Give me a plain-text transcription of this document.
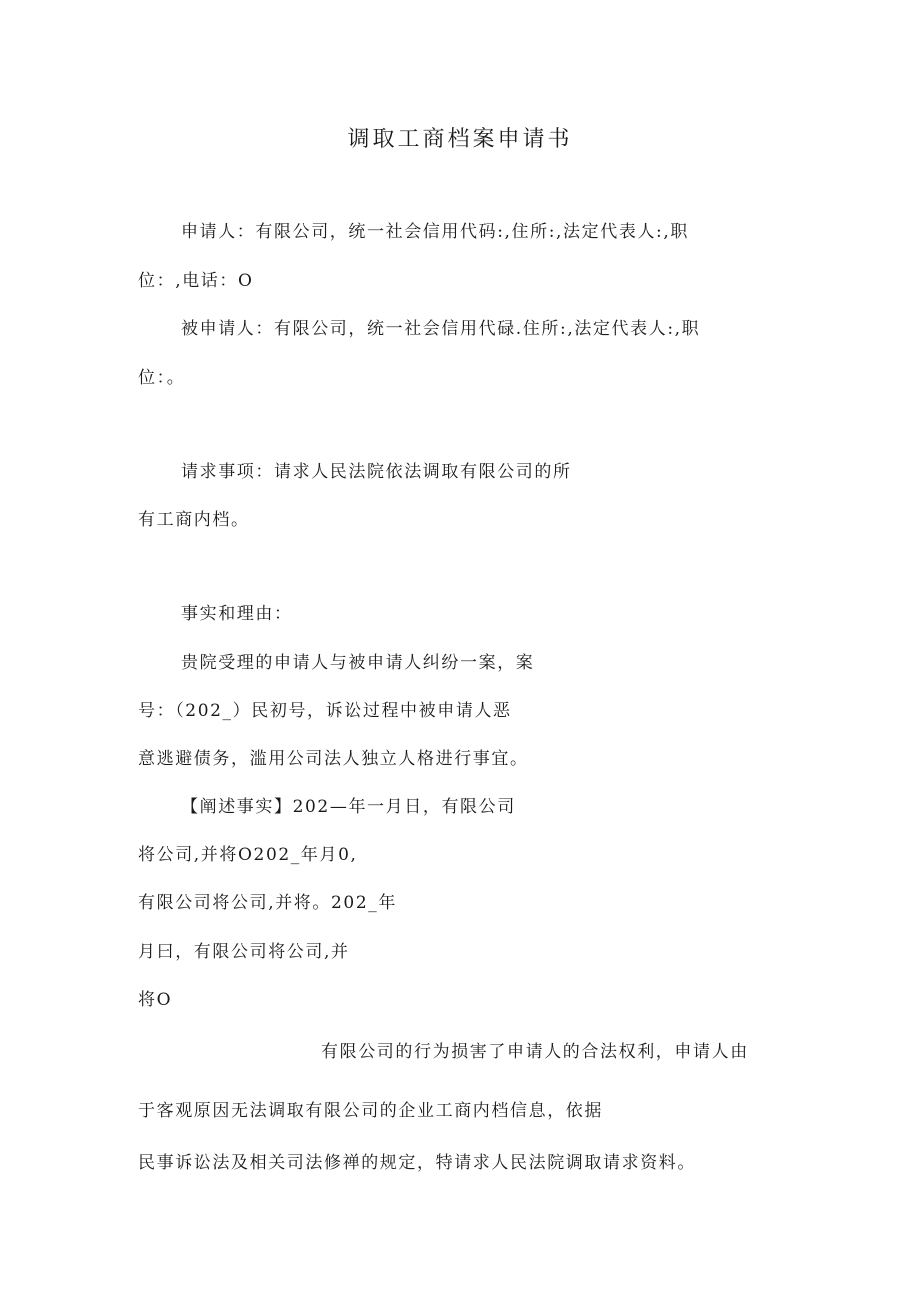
调取工商档案申请书
申请人：有限公司，统一社会信用代码:,住所:,法定代表人:,职
位：,电话：O
被申请人：有限公司，统一社会信用代碌.住所:,法定代表人:,职
位：。
请求事项：请求人民法院依法调取有限公司的所
有工商内档。
事实和理由：
贵院受理的申请人与被申请人纠纷一案，案
号：（202_）民初号，诉讼过程中被申请人恶
意逃避债务，滥用公司法人独立人格进行事宜。
【阐述事实】202—年一月日，有限公司
将公司,并将O202_年月0,
有限公司将公司,并将。202_年
月曰，有限公司将公司,并
将O
有限公司的行为损害了申请人的合法权利，申请人由
于客观原因无法调取有限公司的企业工商内档信息，依据
民事诉讼法及相关司法修禅的规定，特请求人民法院调取请求资料。
